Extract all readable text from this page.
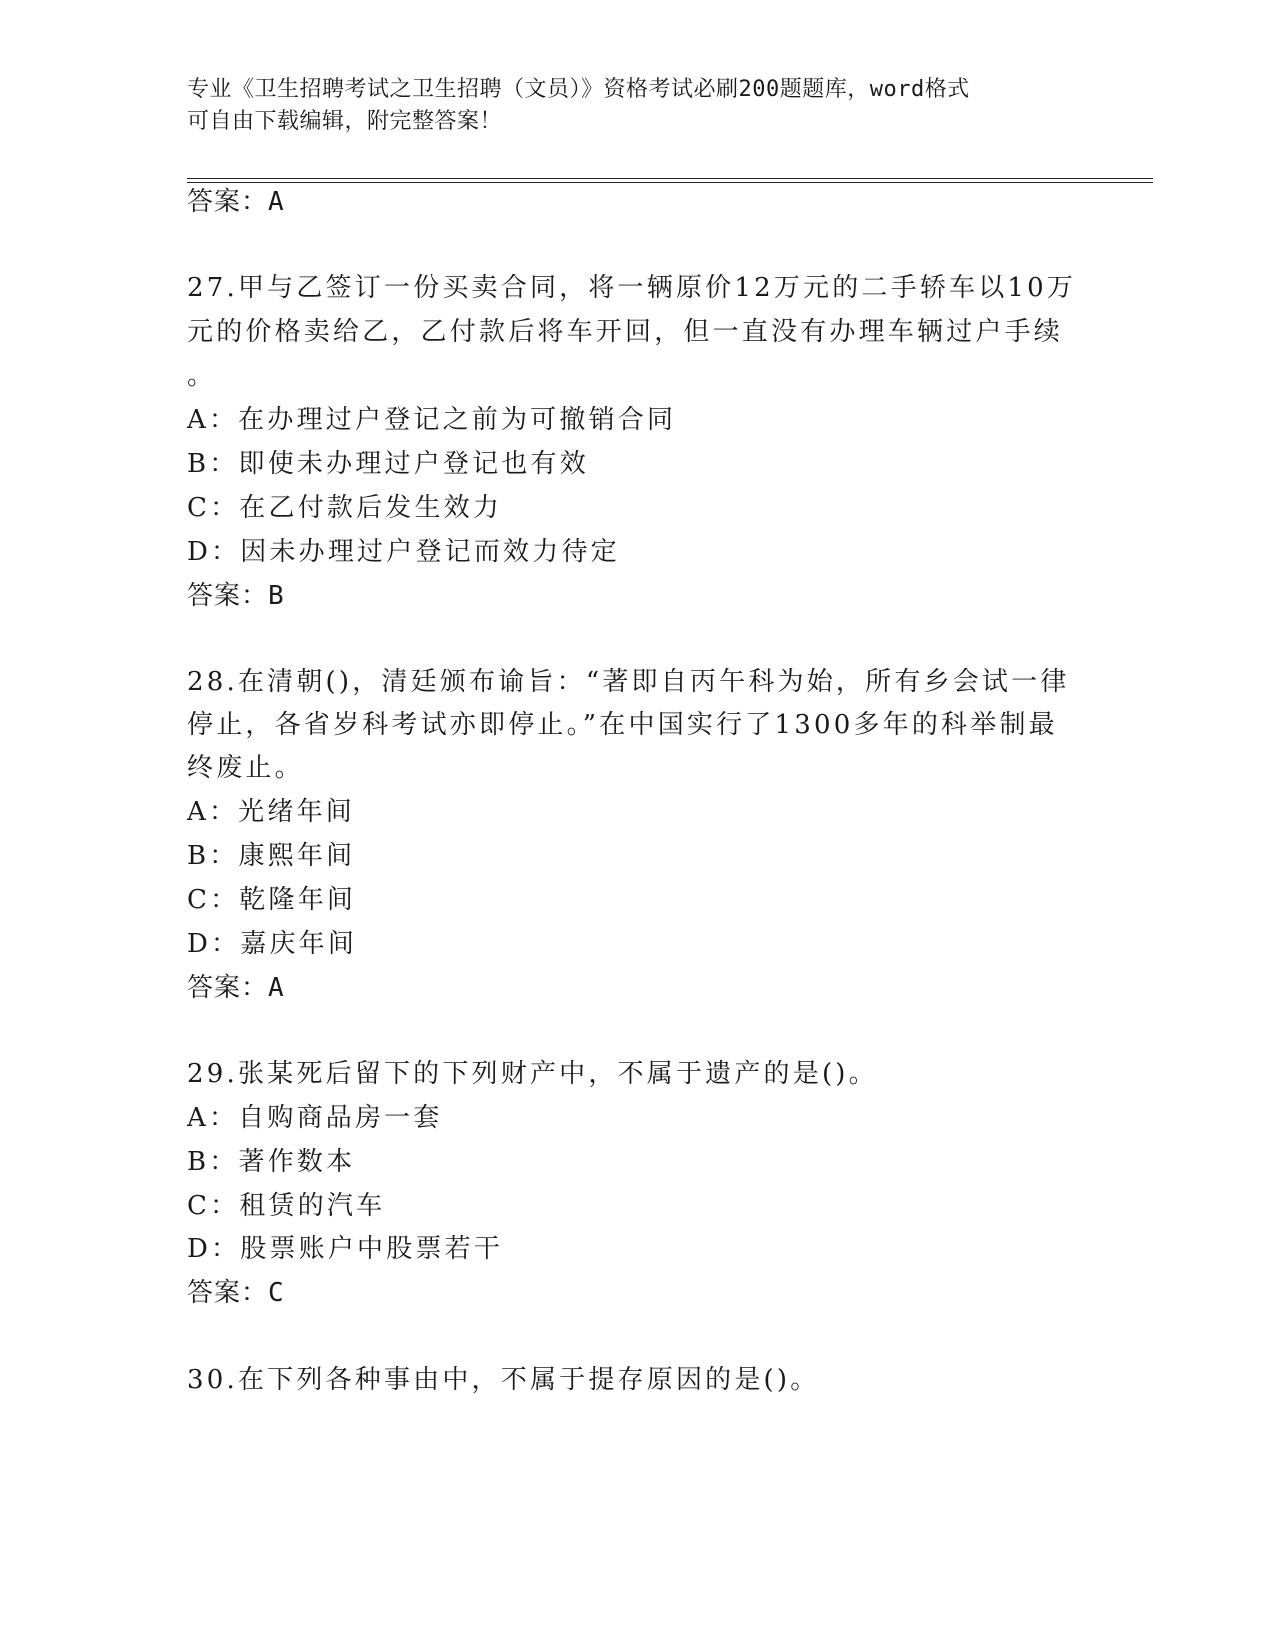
专业《卫生招聘考试之卫生招聘（文员）》资格考试必刷200题题库，word格式
可自由下载编辑，附完整答案！
答案：A
27.甲与乙签订一份买卖合同，将一辆原价12万元的二手轿车以10万
元的价格卖给乙，乙付款后将车开回，但一直没有办理车辆过户手续
。
A：在办理过户登记之前为可撤销合同
B：即使未办理过户登记也有效
C：在乙付款后发生效力
D：因未办理过户登记而效力待定
答案：B
28.在清朝()，清廷颁布谕旨：“著即自丙午科为始，所有乡会试一律
停止，各省岁科考试亦即停止。”在中国实行了1300多年的科举制最
终废止。
A：光绪年间
B：康熙年间
C：乾隆年间
D：嘉庆年间
答案：A
29.张某死后留下的下列财产中，不属于遗产的是()。
A：自购商品房一套
B：著作数本
C：租赁的汽车
D：股票账户中股票若干
答案：C
30.在下列各种事由中，不属于提存原因的是()。
